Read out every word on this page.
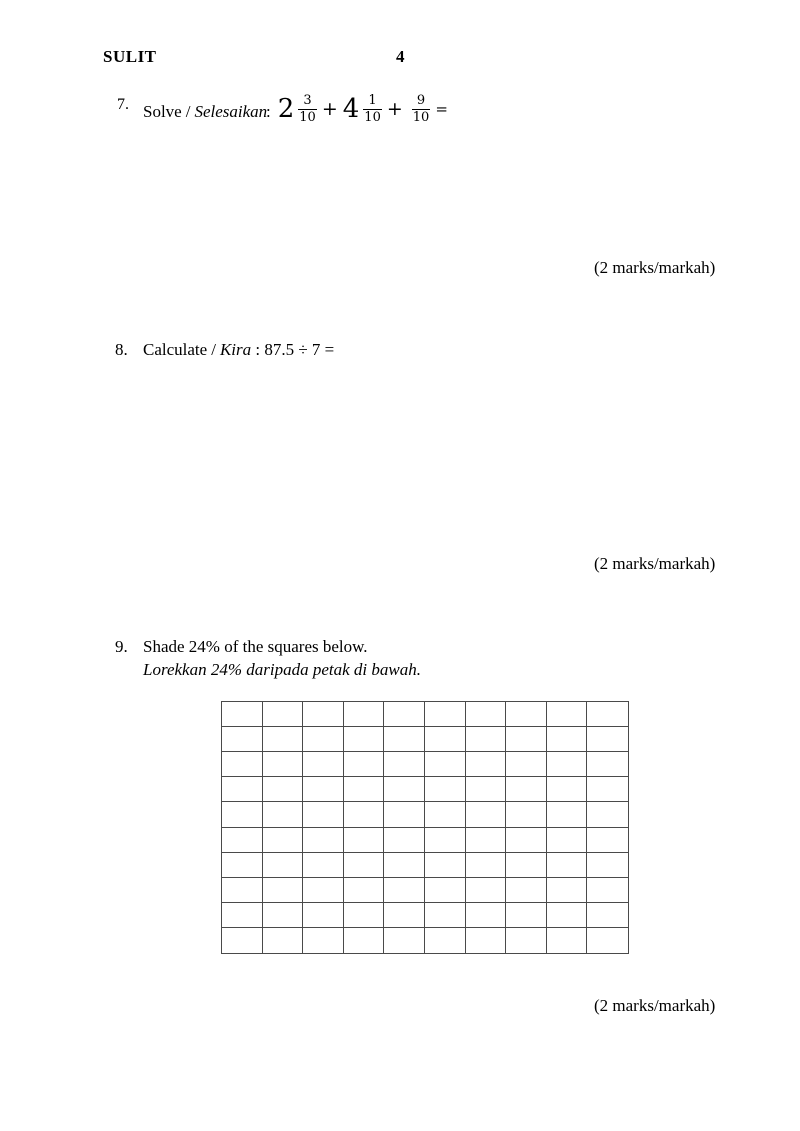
SULIT	4
7. Solve / Selesaikan
: $2 \frac{3}{10} + 4 \frac{1}{10} + \frac{9}{10}$ =
(2 marks/markah)
8. Calculate / Kira : 87.5 ÷ 7 =
(2 marks/markah)
9. Shade 24% of the squares below.
Lorekkan 24% daripada petak di bawah.
(2 marks/markah)
